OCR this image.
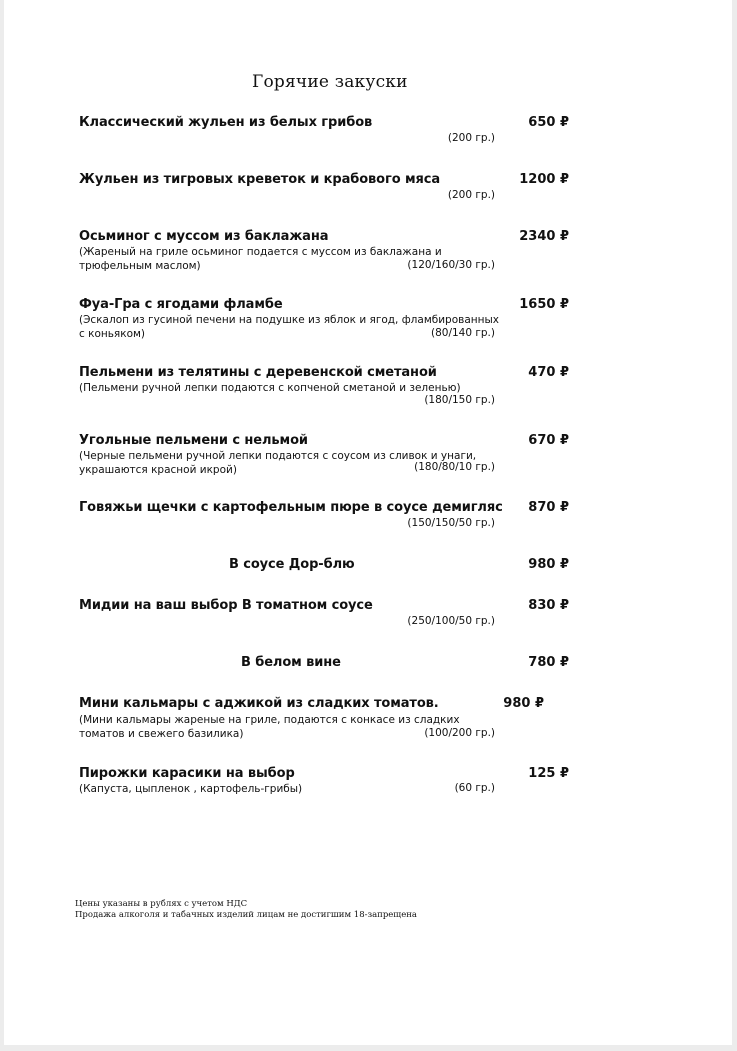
Горячие закуски
Классический жульен из белых грибов	650 ₽
(200 гр.)
Жульен из тигровых креветок и крабового мяса	1200 ₽
(200 гр.)
Осьминог с муссом из баклажана	2340 ₽
(Жареный на гриле осьминог подается с муссом из баклажана и
трюфельным маслом)	(120/160/30 гр.)
Фуа-Гра с ягодами фламбе	1650 ₽
(Эскалоп из гусиной печени на подушке из яблок и ягод, фламбированных
с коньяком)	(80/140 гр.)
Пельмени из телятины с деревенской сметаной	470 ₽
(Пельмени ручной лепки подаются с копченой сметаной и зеленью)
(180/150 гр.)
Угольные пельмени с нельмой	670 ₽
(Черные пельмени ручной лепки подаются с соусом из сливок и унаги,
украшаются красной икрой)	(180/80/10 гр.)
Говяжьи щечки с картофельным пюре в соусе демигляс 870 ₽
(150/150/50 гр.)
В соусе Дор-блю	980 ₽
Мидии на ваш выбор В томатном соусе	830 ₽
(250/100/50 гр.)
В белом вине	780 ₽
Мини кальмары с аджикой из сладких томатов.	980 ₽
(Мини кальмары жареные на гриле, подаются с конкасе из сладких
томатов и свежего базилика)	(100/200 гр.)
Пирожки карасики на выбор	125 ₽
(Капуста, цыпленок , картофель-грибы)	(60 гр.)
Цены указаны в рублях с учетом НДС
Продажа алкоголя и табачных изделий лицам не достигшим 18-запрещена
